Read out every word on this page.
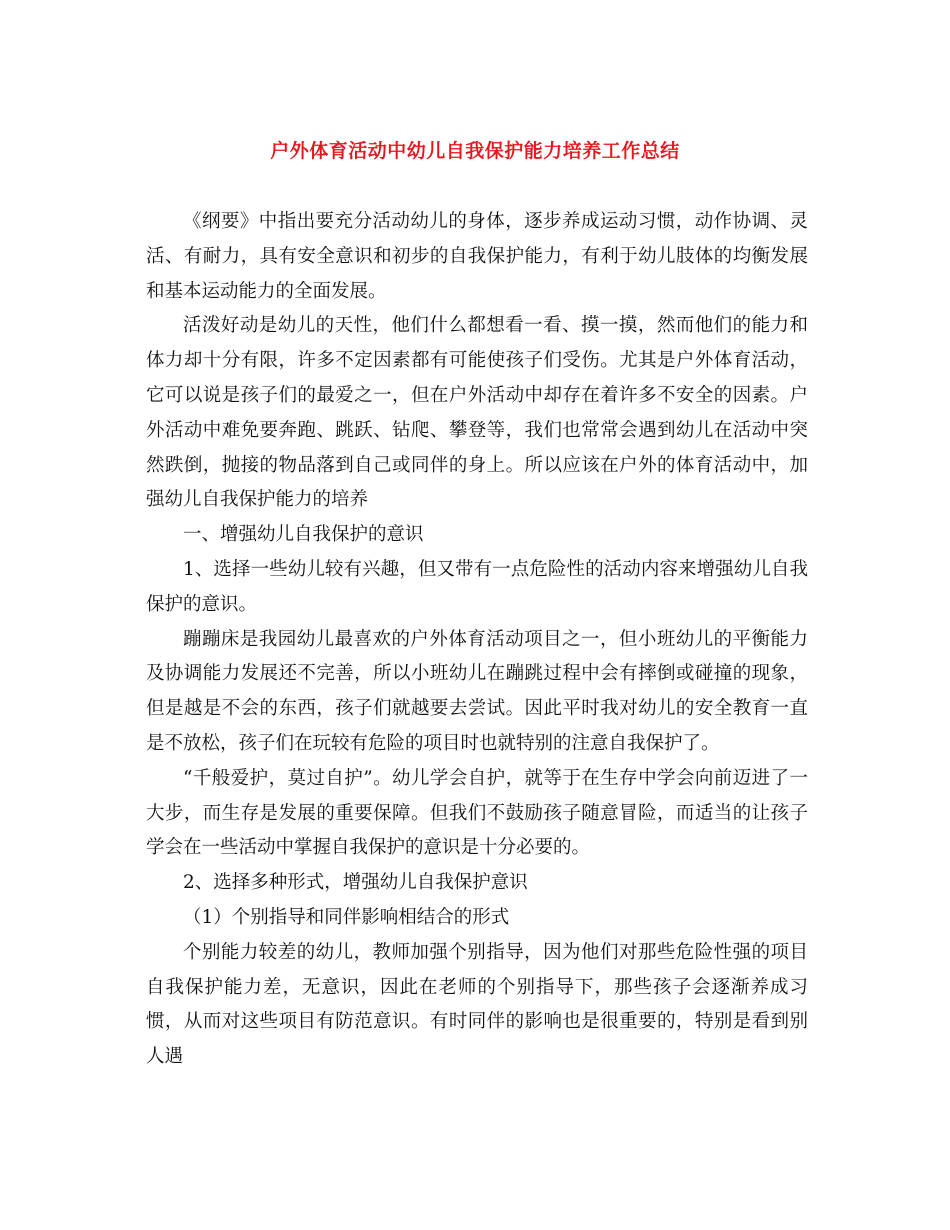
户外体育活动中幼儿自我保护能力培养工作总结

《纲要》中指出要充分活动幼儿的身体，逐步养成运动习惯，动作协调、灵活、有耐力，具有安全意识和初步的自我保护能力，有利于幼儿肢体的均衡发展和基本运动能力的全面发展。

活泼好动是幼儿的天性，他们什么都想看一看、摸一摸，然而他们的能力和体力却十分有限，许多不定因素都有可能使孩子们受伤。尤其是户外体育活动，它可以说是孩子们的最爱之一，但在户外活动中却存在着许多不安全的因素。户外活动中难免要奔跑、跳跃、钻爬、攀登等，我们也常常会遇到幼儿在活动中突然跌倒，抛接的物品落到自己或同伴的身上。所以应该在户外的体育活动中，加强幼儿自我保护能力的培养

一、增强幼儿自我保护的意识

1、选择一些幼儿较有兴趣，但又带有一点危险性的活动内容来增强幼儿自我保护的意识。

蹦蹦床是我园幼儿最喜欢的户外体育活动项目之一，但小班幼儿的平衡能力及协调能力发展还不完善，所以小班幼儿在蹦跳过程中会有摔倒或碰撞的现象，但是越是不会的东西，孩子们就越要去尝试。因此平时我对幼儿的安全教育一直是不放松，孩子们在玩较有危险的项目时也就特别的注意自我保护了。

“千般爱护，莫过自护”。幼儿学会自护，就等于在生存中学会向前迈进了一大步，而生存是发展的重要保障。但我们不鼓励孩子随意冒险，而适当的让孩子学会在一些活动中掌握自我保护的意识是十分必要的。

2、选择多种形式，增强幼儿自我保护意识

（1）个别指导和同伴影响相结合的形式

个别能力较差的幼儿，教师加强个别指导，因为他们对那些危险性强的项目自我保护能力差，无意识，因此在老师的个别指导下，那些孩子会逐渐养成习惯，从而对这些项目有防范意识。有时同伴的影响也是很重要的，特别是看到别人遇
